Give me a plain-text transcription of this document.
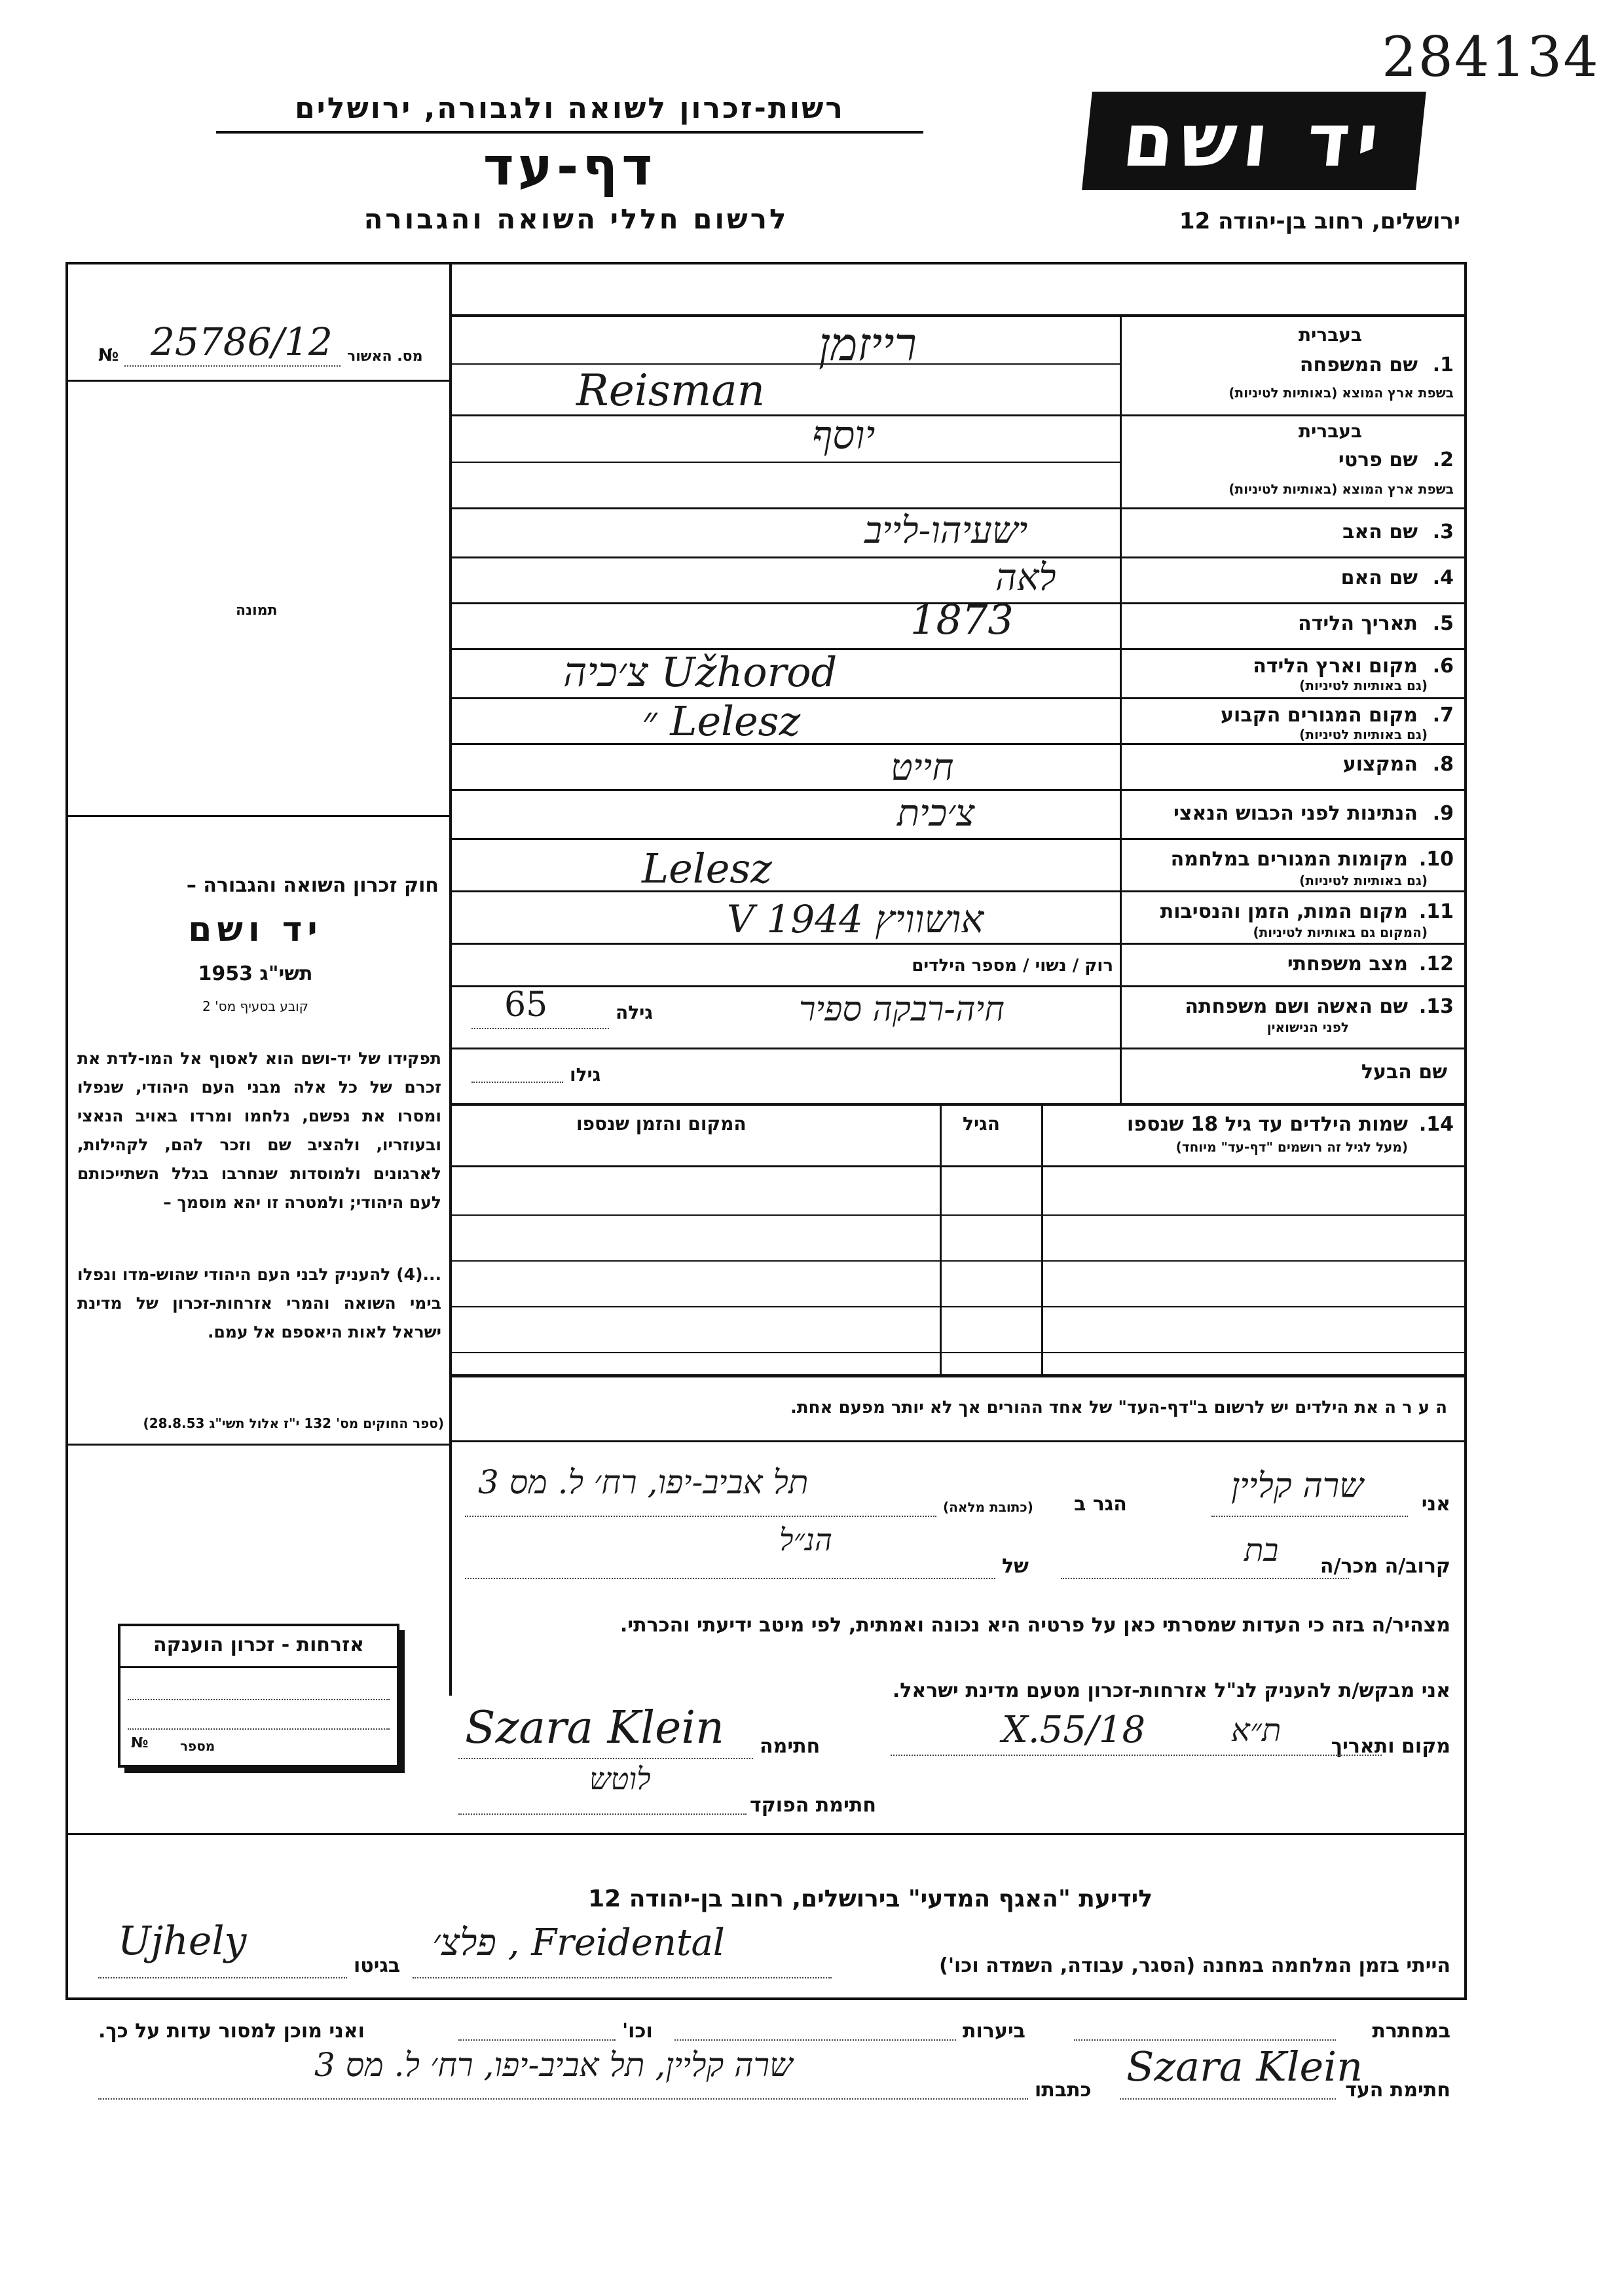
284134
יד ושם
ירושלים, רחוב בן-יהודה 12
רשות-זכרון לשואה ולגבורה, ירושלים
דף-עד
לרשום חללי השואה והגבורה
מס. האשור
25786/12
№
תמונה
חוק זכרון השואה והגבורה –
יד ושם
תשי"ג 1953
קובע בסעיף מס' 2
תפקידו של יד-ושם הוא לאסוף אל המו-לדת את זכרם של כל אלה מבני העם היהודי, שנפלו ומסרו את נפשם, נלחמו ומרדו באויב הנאצי ובעוזריו, ולהציב שם וזכר להם, לקהילות, לארגונים ולמוסדות שנחרבו בגלל השתייכותם לעם היהודי; ולמטרה זו יהא מוסמך –
...(4) להעניק לבני העם היהודי שהוש-מדו ונפלו בימי השואה והמרי אזרחות-זכרון של מדינת ישראל לאות היאספם אל עמם.
(ספר החוקים מס' 132 י"ז אלול תשי"ג 28.8.53)
בעברית
1.
שם המשפחה
בשפת ארץ המוצא (באותיות לטיניות)
רייזמן
Reisman
בעברית
2.
שם פרטי
בשפת ארץ המוצא (באותיות לטיניות)
יוסף
3.
שם האב
ישעיהו-לייב
4.
שם האם
לאה
5.
תאריך הלידה
1873
6.
מקום וארץ הלידה
(גם באותיות לטיניות)
Užhorod צ׳כיה
7.
מקום המגורים הקבוע
(גם באותיות לטיניות)
Lelesz ״
8.
המקצוע
חייט
9.
הנתינות לפני הכבוש הנאצי
צ׳כית
10.
מקומות המגורים במלחמה
(גם באותיות לטיניות)
Lelesz
11.
מקום המות, הזמן והנסיבות
(המקום גם באותיות לטיניות)
אושוויץ V 1944
12.
מצב משפחתי
רוק / נשוי / מספר הילדים
13.
שם האשה ושם משפחתה
לפני הנישואין
חיה-רבקה ספיר
גילה
65
שם הבעל
גילו
14.
שמות הילדים עד גיל 18 שנספו
(מעל לגיל זה רושמים "דף-עד" מיוחד)
הגיל
המקום והזמן שנספו
ה ע ר ה את הילדים יש לרשום ב"דף-העד" של אחד ההורים אך לא יותר מפעם אחת.
אני
שרה קליין
הגר ב
(כתובת מלאה)
תל אביב-יפו, רח׳ ל. מס 3
קרוב/ה מכר/ה
בת
של
הנ״ל
מצהיר/ה בזה כי העדות שמסרתי כאן על פרטיה היא נכונה ואמתית, לפי מיטב ידיעתי והכרתי.
אני מבקש/ת להעניק לנ"ל אזרחות-זכרון מטעם מדינת ישראל.
מקום ותאריך
ת״א
18/X.55
חתימה
Szara Klein
לוטש
חתימת הפוקד
אזרחות - זכרון הוענקה
מספר
№
לידיעת "האגף המדעי" בירושלים, רחוב בן-יהודה 12
הייתי בזמן המלחמה במחנה (הסגר, עבודה, השמדה וכו')
Freidental , פלצ׳
בגיטו
Ujhely
במחתרת
ביערות
וכו'
ואני מוכן למסור עדות על כך.
חתימת העד
Szara Klein
כתבתו
שרה קליין, תל אביב-יפו, רח׳ ל. מס 3
